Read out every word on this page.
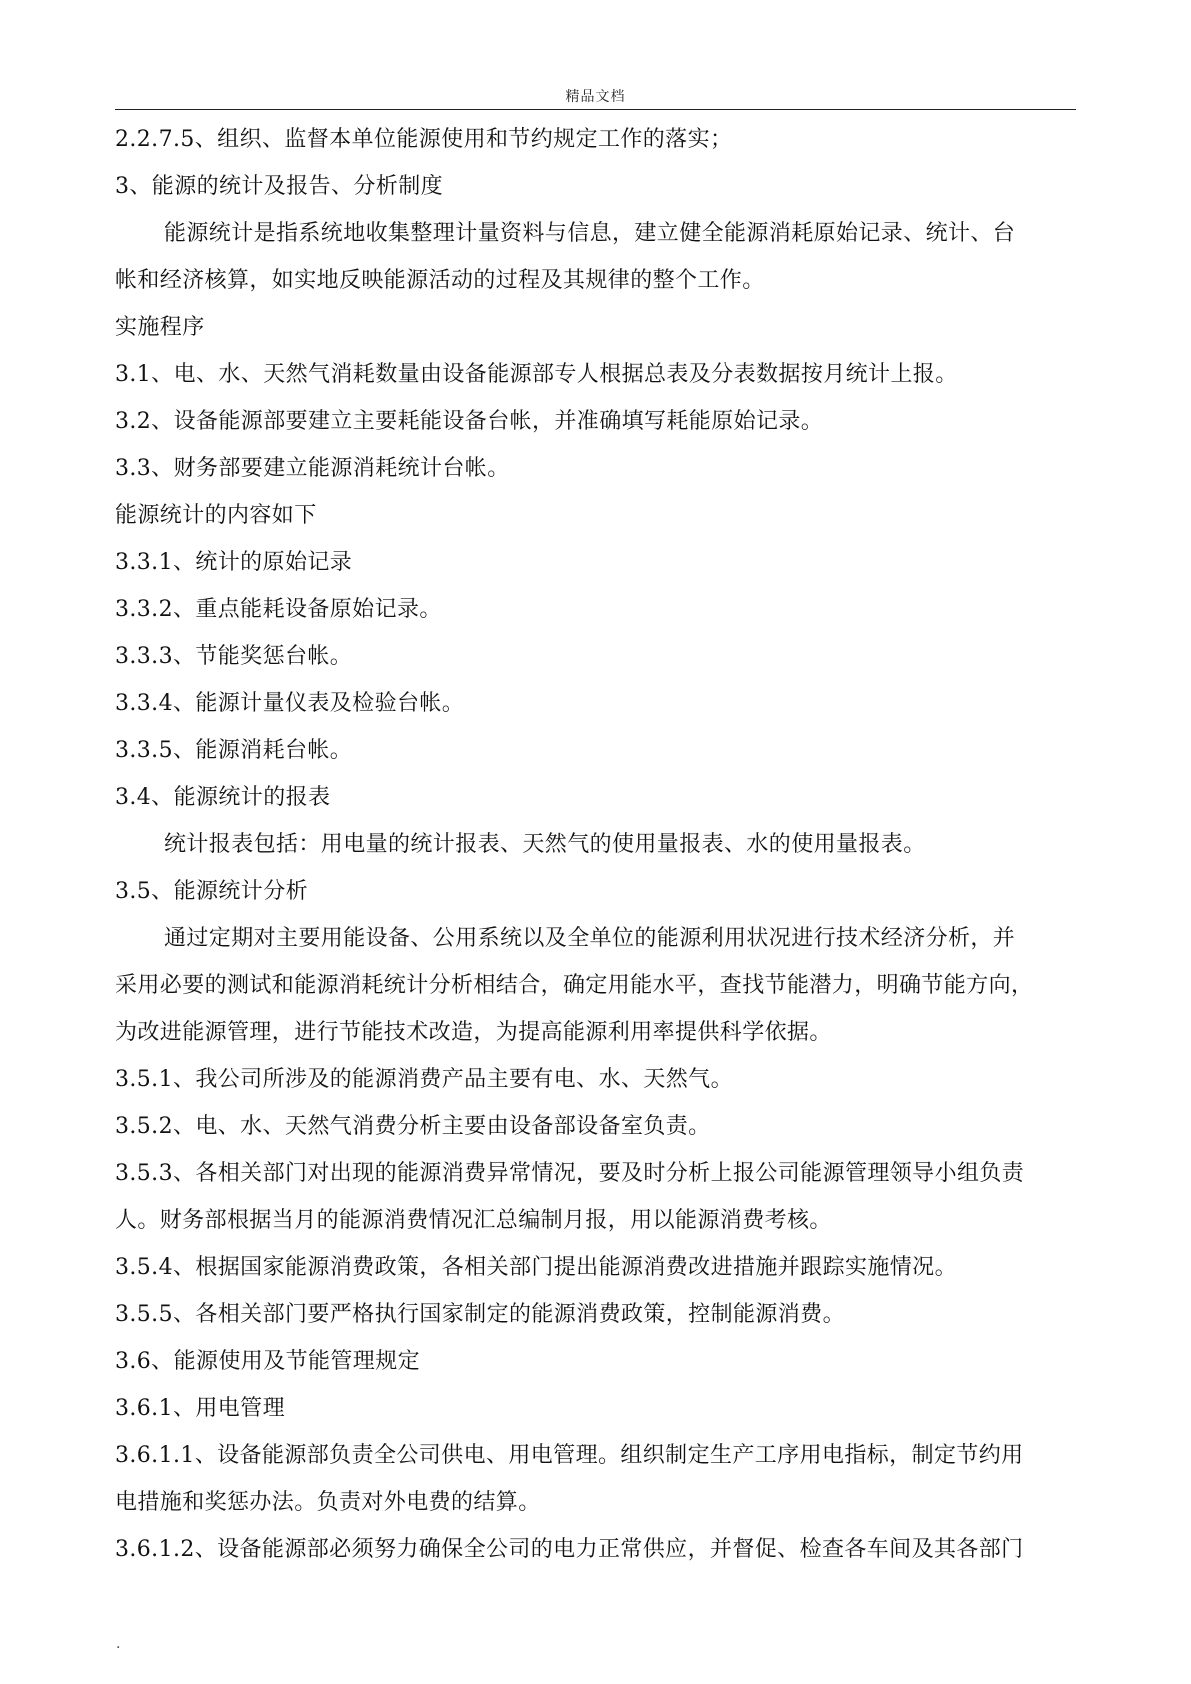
精品文档
2.2.7.5、组织、监督本单位能源使用和节约规定工作的落实；
3、能源的统计及报告、分析制度
能源统计是指系统地收集整理计量资料与信息，建立健全能源消耗原始记录、统计、台
帐和经济核算，如实地反映能源活动的过程及其规律的整个工作。
实施程序
3.1、电、水、天然气消耗数量由设备能源部专人根据总表及分表数据按月统计上报。
3.2、设备能源部要建立主要耗能设备台帐，并准确填写耗能原始记录。
3.3、财务部要建立能源消耗统计台帐。
能源统计的内容如下
3.3.1、统计的原始记录
3.3.2、重点能耗设备原始记录。
3.3.3、节能奖惩台帐。
3.3.4、能源计量仪表及检验台帐。
3.3.5、能源消耗台帐。
3.4、能源统计的报表
统计报表包括：用电量的统计报表、天然气的使用量报表、水的使用量报表。
3.5、能源统计分析
通过定期对主要用能设备、公用系统以及全单位的能源利用状况进行技术经济分析，并
采用必要的测试和能源消耗统计分析相结合，确定用能水平，查找节能潜力，明确节能方向，
为改进能源管理，进行节能技术改造，为提高能源利用率提供科学依据。
3.5.1、我公司所涉及的能源消费产品主要有电、水、天然气。
3.5.2、电、水、天然气消费分析主要由设备部设备室负责。
3.5.3、各相关部门对出现的能源消费异常情况，要及时分析上报公司能源管理领导小组负责
人。财务部根据当月的能源消费情况汇总编制月报，用以能源消费考核。
3.5.4、根据国家能源消费政策，各相关部门提出能源消费改进措施并跟踪实施情况。
3.5.5、各相关部门要严格执行国家制定的能源消费政策，控制能源消费。
3.6、能源使用及节能管理规定
3.6.1、用电管理
3.6.1.1、设备能源部负责全公司供电、用电管理。组织制定生产工序用电指标，制定节约用
电措施和奖惩办法。负责对外电费的结算。
3.6.1.2、设备能源部必须努力确保全公司的电力正常供应，并督促、检查各车间及其各部门
.
